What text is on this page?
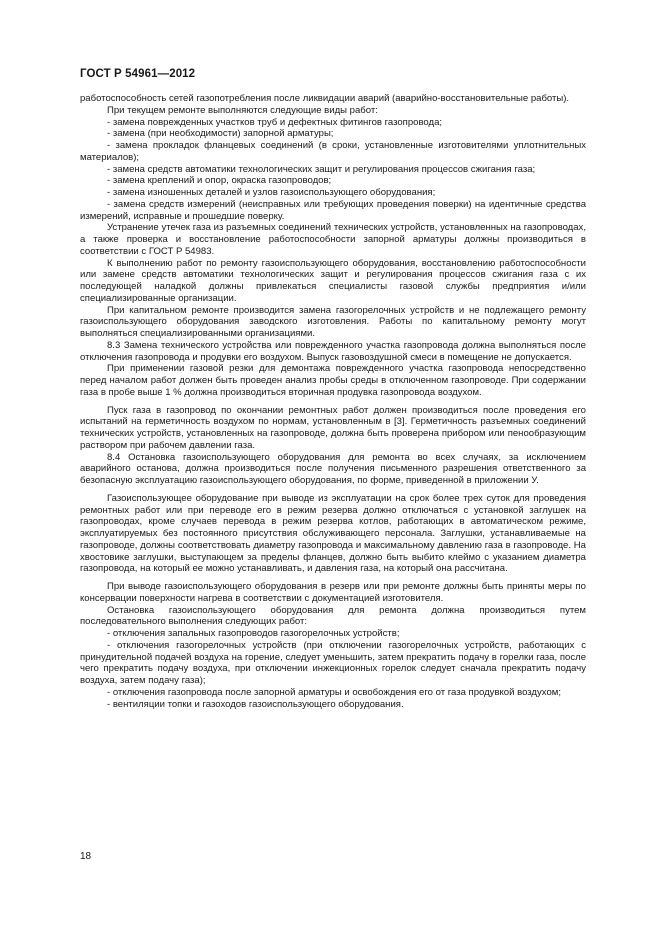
ГОСТ Р 54961—2012

работоспособность сетей газопотребления после ликвидации аварий (аварийно-восстановительные работы).

При текущем ремонте выполняются следующие виды работ:

- замена поврежденных участков труб и дефектных фитингов газопровода;

- замена (при необходимости) запорной арматуры;

- замена прокладок фланцевых соединений (в сроки, установленные изготовителями уплотнительных материалов);

- замена средств автоматики технологических защит и регулирования процессов сжигания газа;

- замена креплений и опор, окраска газопроводов;

- замена изношенных деталей и узлов газоиспользующего оборудования;

- замена средств измерений (неисправных или требующих проведения поверки) на идентичные средства измерений, исправные и прошедшие поверку.

Устранение утечек газа из разъемных соединений технических устройств, установленных на газопроводах, а также проверка и восстановление работоспособности запорной арматуры должны производиться в соответствии с ГОСТ Р 54983.

К выполнению работ по ремонту газоиспользующего оборудования, восстановлению работоспособности или замене средств автоматики технологических защит и регулирования процессов сжигания газа с их последующей наладкой должны привлекаться специалисты газовой службы предприятия и/или специализированные организации.

При капитальном ремонте производится замена газогорелочных устройств и не подлежащего ремонту газоиспользующего оборудования заводского изготовления. Работы по капитальному ремонту могут выполняться специализированными организациями.

8.3 Замена технического устройства или поврежденного участка газопровода должна выполняться после отключения газопровода и продувки его воздухом. Выпуск газовоздушной смеси в помещение не допускается.

При применении газовой резки для демонтажа поврежденного участка газопровода непосредственно перед началом работ должен быть проведен анализ пробы среды в отключенном газопроводе. При содержании газа в пробе выше 1 % должна производиться вторичная продувка газопровода воздухом.

Пуск газа в газопровод по окончании ремонтных работ должен производиться после проведения его испытаний на герметичность воздухом по нормам, установленным в [3]. Герметичность разъемных соединений технических устройств, установленных на газопроводе, должна быть проверена прибором или пенообразующим раствором при рабочем давлении газа.

8.4 Остановка газоиспользующего оборудования для ремонта во всех случаях, за исключением аварийного останова, должна производиться после получения письменного разрешения ответственного за безопасную эксплуатацию газоиспользующего оборудования, по форме, приведенной в приложении У.

Газоиспользующее оборудование при выводе из эксплуатации на срок более трех суток для проведения ремонтных работ или при переводе его в режим резерва должно отключаться с установкой заглушек на газопроводах, кроме случаев перевода в режим резерва котлов, работающих в автоматическом режиме, эксплуатируемых без постоянного присутствия обслуживающего персонала. Заглушки, устанавливаемые на газопроводе, должны соответствовать диаметру газопровода и максимальному давлению газа в газопроводе. На хвостовике заглушки, выступающем за пределы фланцев, должно быть выбито клеймо с указанием диаметра газопровода, на который ее можно устанавливать, и давления газа, на который она рассчитана.

При выводе газоиспользующего оборудования в резерв или при ремонте должны быть приняты меры по консервации поверхности нагрева в соответствии с документацией изготовителя.

Остановка газоиспользующего оборудования для ремонта должна производиться путем последовательного выполнения следующих работ:

- отключения запальных газопроводов газогорелочных устройств;

- отключения газогорелочных устройств (при отключении газогорелочных устройств, работающих с принудительной подачей воздуха на горение, следует уменьшить, затем прекратить подачу в горелки газа, после чего прекратить подачу воздуха, при отключении инжекционных горелок следует сначала прекратить подачу воздуха, затем подачу газа);

- отключения газопровода после запорной арматуры и освобождения его от газа продувкой воздухом;

- вентиляции топки и газоходов газоиспользующего оборудования.

18
